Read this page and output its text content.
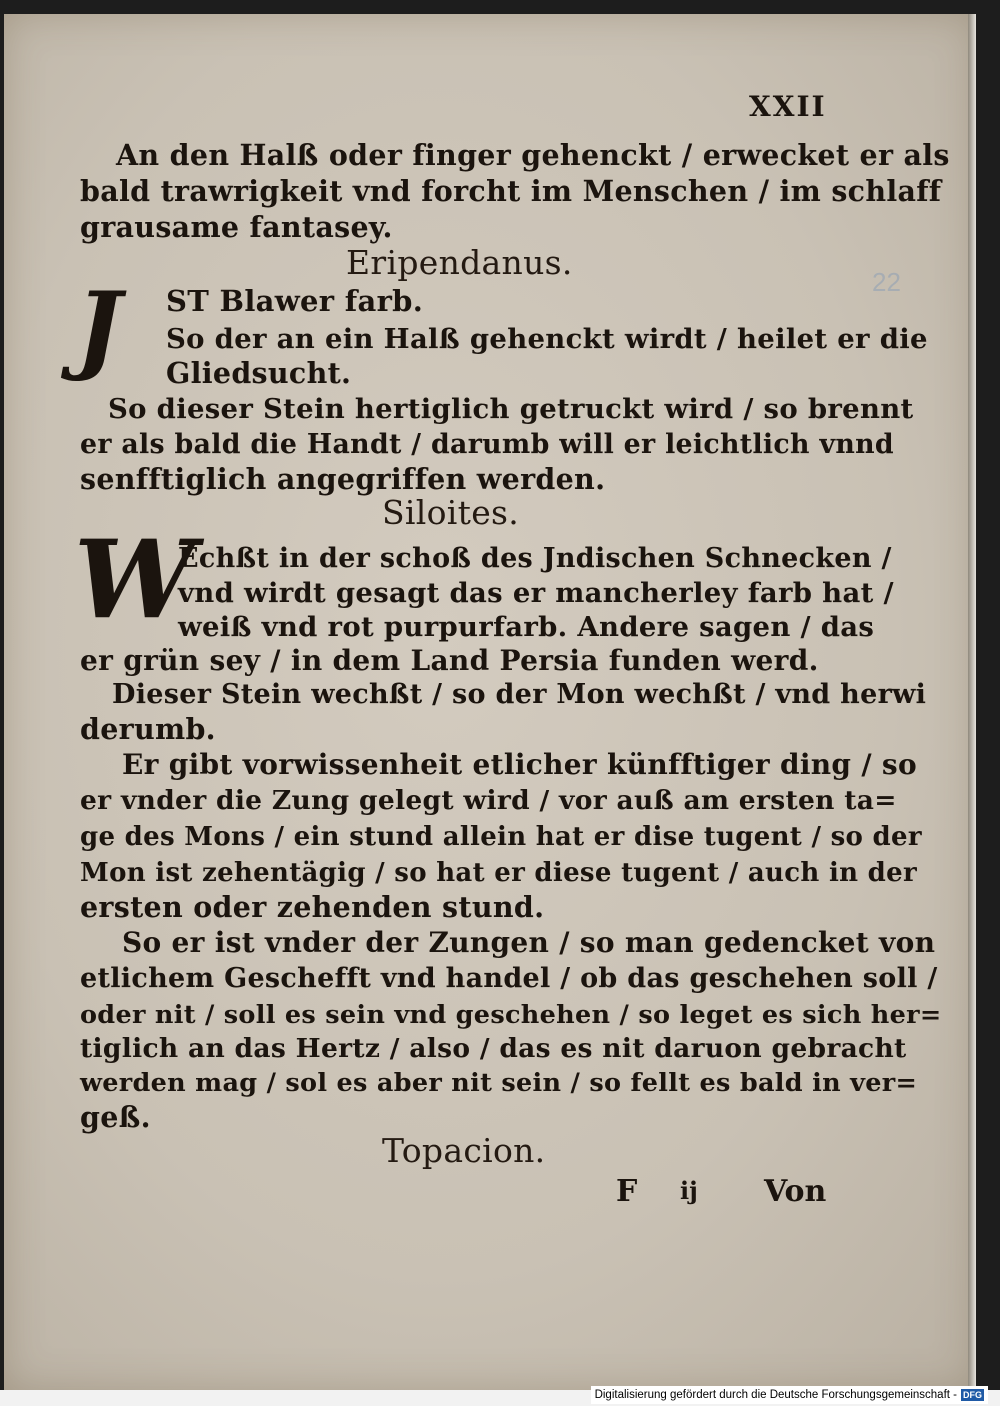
XXII
22
An den Halß oder finger gehenckt / erwecket er als
bald trawrigkeit vnd forcht im Menschen / im schlaff
grausame fantasey.
Eripendanus.
J ST Blawer farb.
So der an ein Halß gehenckt wirdt / heilet er die
Gliedsucht.
So dieser Stein hertiglich getruckt wird / so brennt
er als bald die Handt / darumb will er leichtlich vnnd
senfftiglich angegriffen werden.
Siloites.
W
Echßt in der schoß des Jndischen Schnecken /
vnd wirdt gesagt das er mancherley farb hat /
weiß vnd rot purpurfarb. Andere sagen / das
er grün sey / in dem Land Persia funden werd.
Dieser Stein wechßt / so der Mon wechßt / vnd herwi
derumb.
Er gibt vorwissenheit etlicher künfftiger ding / so
er vnder die Zung gelegt wird / vor auß am ersten ta=
ge des Mons / ein stund allein hat er dise tugent / so der
Mon ist zehentägig / so hat er diese tugent / auch in der
ersten oder zehenden stund.
So er ist vnder der Zungen / so man gedencket von
etlichem Geschefft vnd handel / ob das geschehen soll /
oder nit / soll es sein vnd geschehen / so leget es sich her=
tiglich an das Hertz / also / das es nit daruon gebracht
werden mag / sol es aber nit sein / so fellt es bald in ver=
geß.
Topacion.
F ij Von
Digitalisierung gefördert durch die Deutsche Forschungsgemeinschaft - DFG
